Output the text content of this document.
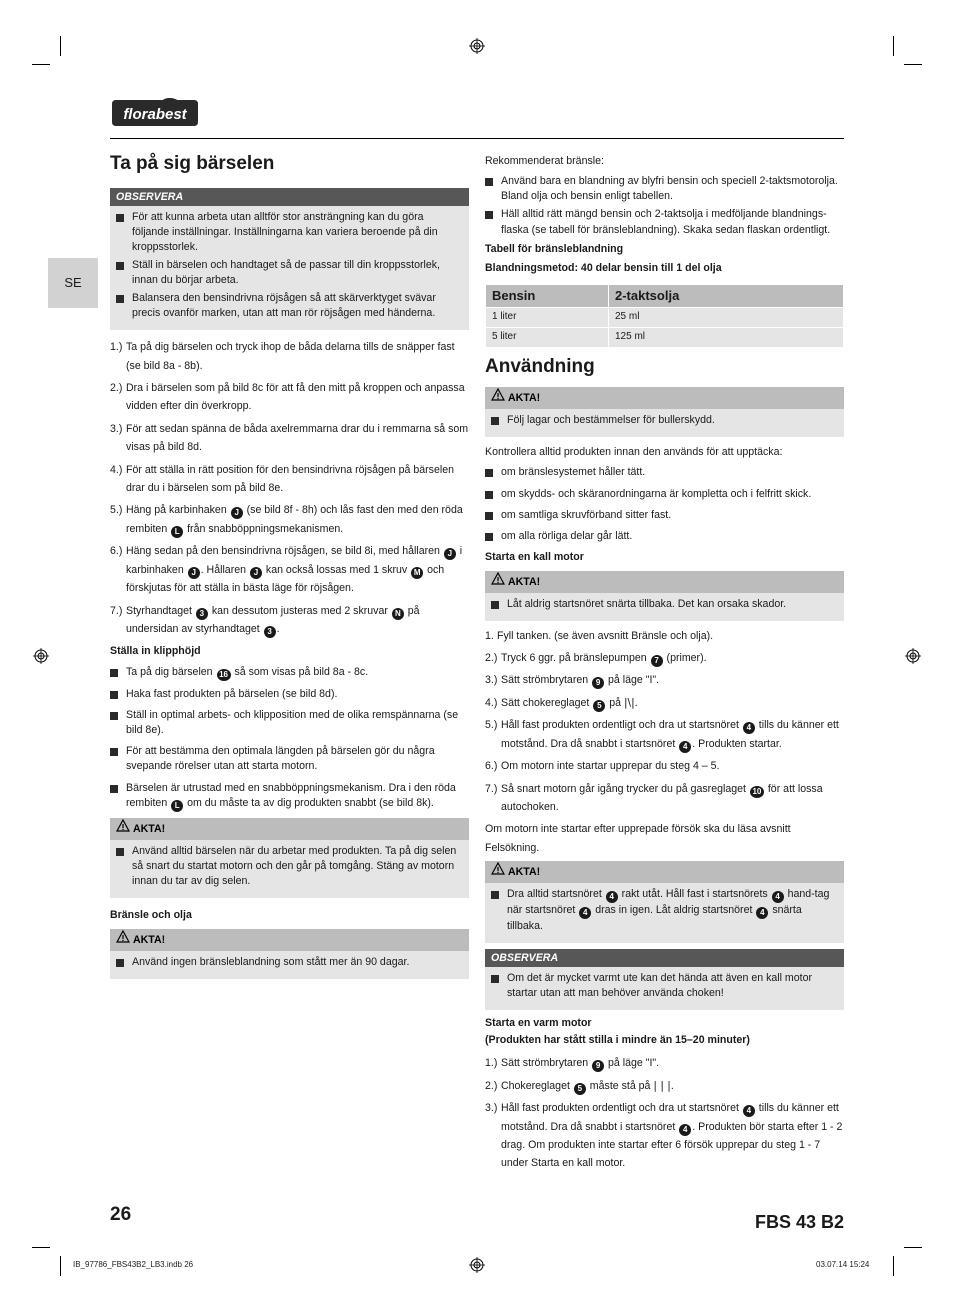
florabest
SE
Ta på sig bärselen
OBSERVERA
För att kunna arbeta utan alltför stor ansträngning kan du göra följande inställningar. Inställningarna kan variera beroende på din kroppsstorlek.
Ställ in bärselen och handtaget så de passar till din kroppsstorlek, innan du börjar arbeta.
Balansera den bensindrivna röjsågen så att skärverktyget svävar precis ovanför marken, utan att man rör röjsågen med händerna.
1.) Ta på dig bärselen och tryck ihop de båda delarna tills de snäpper fast (se bild 8a - 8b).
2.) Dra i bärselen som på bild 8c för att få den mitt på kroppen och anpassa vidden efter din överkropp.
3.) För att sedan spänna de båda axelremmarna drar du i remmarna så som visas på bild 8d.
4.) För att ställa in rätt position för den bensindrivna röjsågen på bärselen drar du i bärselen som på bild 8e.
5.) Häng på karbinhaken J (se bild 8f - 8h) och lås fast den med den röda rembiten L från snabböppningsmekanismen.
6.) Häng sedan på den bensindrivna röjsågen, se bild 8i, med hållaren J i karbinhaken J . Hållaren J kan också lossas med 1 skruv M och förskjutas för att ställa in bästa läge för röjsågen.
7.) Styrhandtaget 3 kan dessutom justeras med 2 skruvar N på undersidan av styrhandtaget 3 .
Ställa in klipphöjd
Ta på dig bärselen 16 så som visas på bild 8a - 8c.
Haka fast produkten på bärselen (se bild 8d).
Ställ in optimal arbets- och klipposition med de olika remspännarna (se bild 8e).
För att bestämma den optimala längden på bärselen gör du några svepande rörelser utan att starta motorn.
Bärselen är utrustad med en snabböppningsmekanism. Dra i den röda rembiten L om du måste ta av dig produkten snabbt (se bild 8k).
AKTA!
Använd alltid bärselen när du arbetar med produkten. Ta på dig selen så snart du startat motorn och den går på tomgång. Stäng av motorn innan du tar av dig selen.
Bränsle och olja
AKTA!
Använd ingen bränsleblandning som stått mer än 90 dagar.
Rekommenderat bränsle:
Använd bara en blandning av blyfri bensin och speciell 2-taktsmotorolja. Bland olja och bensin enligt tabellen.
Häll alltid rätt mängd bensin och 2-taktsolja i medföljande blandnings-flaska (se tabell för bränsleblandning). Skaka sedan flaskan ordentligt.
Tabell för bränsleblandning
Blandningsmetod: 40 delar bensin till 1 del olja
Bensin	2-taktsolja
1 liter	25 ml
5 liter	125 ml
Användning
AKTA!
Följ lagar och bestämmelser för bullerskydd.
Kontrollera alltid produkten innan den används för att upptäcka:
om bränslesystemet håller tätt.
om skydds- och skäranordningarna är kompletta och i felfritt skick.
om samtliga skruvförband sitter fast.
om alla rörliga delar går lätt.
Starta en kall motor
AKTA!
Låt aldrig startsnöret snärta tillbaka. Det kan orsaka skador.
1. Fyll tanken. (se även avsnitt Bränsle och olja).
2.) Tryck 6 ggr. på bränslepumpen 7 (primer).
3.) Sätt strömbrytaren 9 på läge "I".
4.) Sätt chokereglaget 5 på |\|.
5.) Håll fast produkten ordentligt och dra ut startsnöret 4 tills du känner ett motstånd. Dra då snabbt i startsnöret 4 . Produkten startar.
6.) Om motorn inte startar upprepar du steg 4 – 5.
7.) Så snart motorn går igång trycker du på gasreglaget 10 för att lossa autochoken.
Om motorn inte startar efter upprepade försök ska du läsa avsnitt Felsökning.
AKTA!
Dra alltid startsnöret 4 rakt utåt. Håll fast i startsnörets 4 hand-tag när startsnöret 4 dras in igen. Låt aldrig startsnöret 4 snärta tillbaka.
OBSERVERA
Om det är mycket varmt ute kan det hända att även en kall motor startar utan att man behöver använda choken!
Starta en varm motor
(Produkten har stått stilla i mindre än 15–20 minuter)
1.) Sätt strömbrytaren 9 på läge "I".
2.) Chokereglaget 5 måste stå på | | |.
3.) Håll fast produkten ordentligt och dra ut startsnöret 4 tills du känner ett motstånd. Dra då snabbt i startsnöret 4 . Produkten bör starta efter 1 - 2 drag. Om produkten inte startar efter 6 försök upprepar du steg 1 - 7 under Starta en kall motor.
26	FBS 43 B2
IB_97786_FBS43B2_LB3.indb 26	03.07.14 15:24
